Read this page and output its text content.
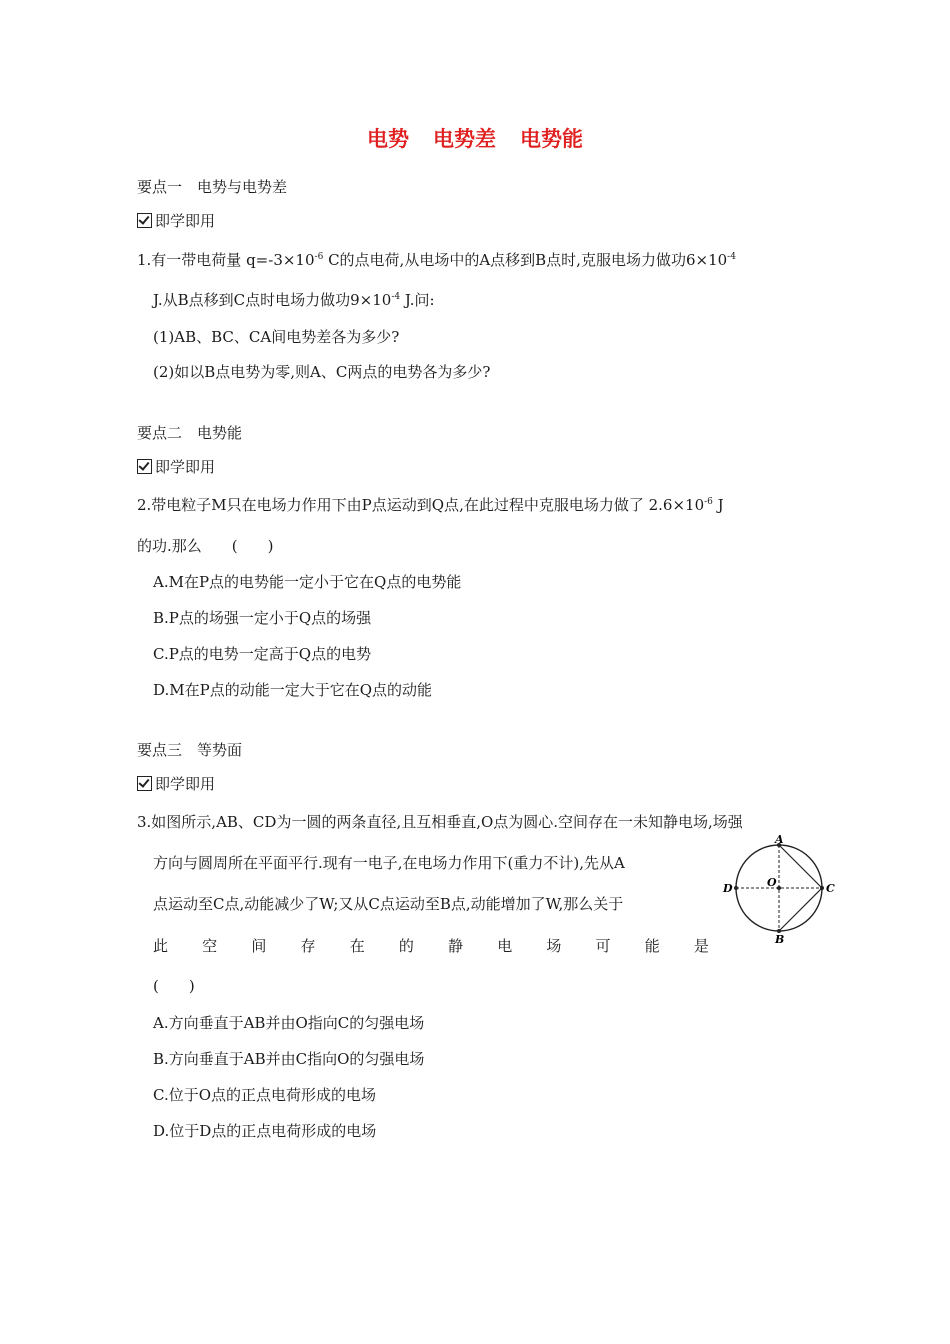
电势 电势差 电势能
要点一　电势与电势差
即学即用
1.有一带电荷量 $q=-3\times 10^{-6}$ C的点电荷,从电场中的A点移到B点时,克服电场力做功$6\times 10^{-4}$
J.从B点移到C点时电场力做功$9\times 10^{-4}$ J.问:
(1)AB、BC、CA间电势差各为多少?
(2)如以B点电势为零,则A、C两点的电势各为多少?
要点二　电势能
即学即用
2.带电粒子M只在电场力作用下由P点运动到Q点,在此过程中克服电场力做了 $2.6\times 10^{-6}$ J
的功.那么　　(　　)
A.M在P点的电势能一定小于它在Q点的电势能
B.P点的场强一定小于Q点的场强
C.P点的电势一定高于Q点的电势
D.M在P点的动能一定大于它在Q点的动能
要点三　等势面
即学即用
3.如图所示,AB、CD为一圆的两条直径,且互相垂直,O点为圆心.空间存在一未知静电场,场强
方向与圆周所在平面平行.现有一电子,在电场力作用下(重力不计),先从A
点运动至C点,动能减少了W;又从C点运动至B点,动能增加了W,那么关于
此 空 间 存 在 的 静 电 场 可 能 是
(　　)
A.方向垂直于AB并由O指向C的匀强电场
B.方向垂直于AB并由C指向O的匀强电场
C.位于O点的正点电荷形成的电场
D.位于D点的正点电荷形成的电场
A
B
C
D	O
